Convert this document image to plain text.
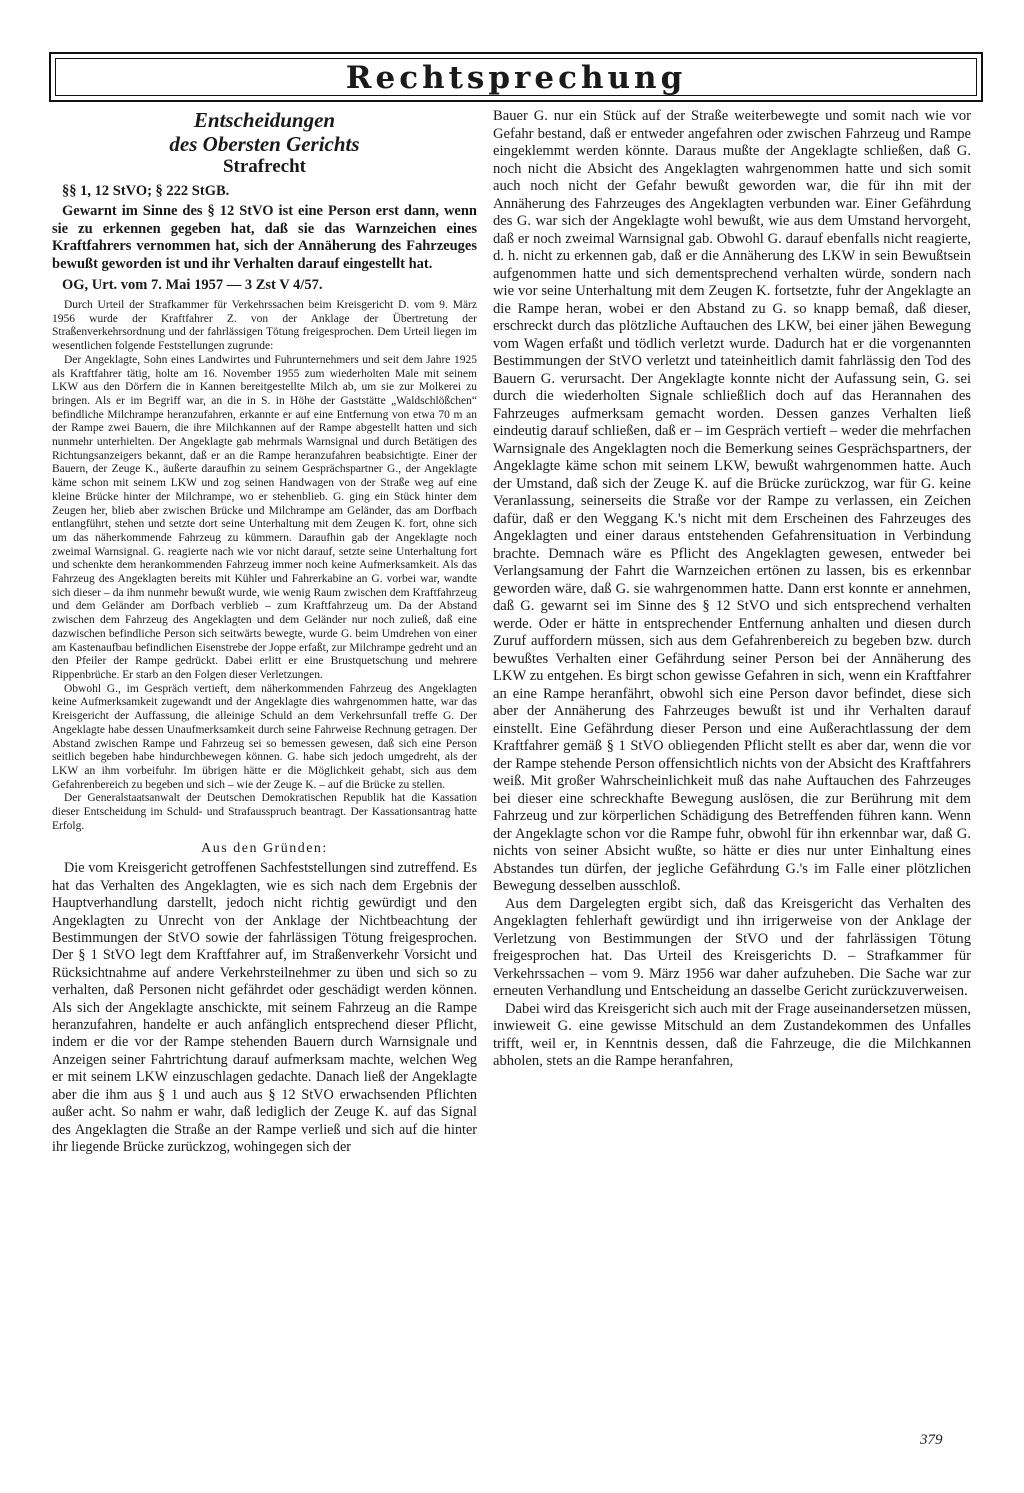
Rechtsprechung

Entscheidungen

des Obersten Gerichts

Strafrecht

§§ 1, 12 StVO; § 222 StGB.

Gewarnt im Sinne des § 12 StVO ist eine Person erst dann, wenn sie zu erkennen gegeben hat, daß sie das Warnzeichen eines Kraftfahrers vernommen hat, sich der Annäherung des Fahrzeuges bewußt geworden ist und ihr Verhalten darauf eingestellt hat.

OG, Urt. vom 7. Mai 1957 — 3 Zst V 4/57.

Durch Urteil der Strafkammer für Verkehrssachen beim Kreisgericht D. vom 9. März 1956 wurde der Kraftfahrer Z. von der Anklage der Übertretung der Straßenverkehrsordnung und der fahrlässigen Tötung freigesprochen. Dem Urteil liegen im wesentlichen folgende Feststellungen zugrunde:

Der Angeklagte, Sohn eines Landwirtes und Fuhrunternehmers und seit dem Jahre 1925 als Kraftfahrer tätig, holte am 16. November 1955 zum wiederholten Male mit seinem LKW aus den Dörfern die in Kannen bereitgestellte Milch ab, um sie zur Molkerei zu bringen. Als er im Begriff war, an die in S. in Höhe der Gaststätte „Waldschlößchen“ befindliche Milchrampe heranzufahren, erkannte er auf eine Entfernung von etwa 70 m an der Rampe zwei Bauern, die ihre Milchkannen auf der Rampe abgestellt hatten und sich nunmehr unterhielten. Der Angeklagte gab mehrmals Warnsignal und durch Betätigen des Richtungsanzeigers bekannt, daß er an die Rampe heranzufahren beabsichtigte. Einer der Bauern, der Zeuge K., äußerte daraufhin zu seinem Gesprächspartner G., der Angeklagte käme schon mit seinem LKW und zog seinen Handwagen von der Straße weg auf eine kleine Brücke hinter der Milchrampe, wo er stehenblieb. G. ging ein Stück hinter dem Zeugen her, blieb aber zwischen Brücke und Milchrampe am Geländer, das am Dorfbach entlangführt, stehen und setzte dort seine Unterhaltung mit dem Zeugen K. fort, ohne sich um das näherkommende Fahrzeug zu kümmern. Daraufhin gab der Angeklagte noch zweimal Warnsignal. G. reagierte nach wie vor nicht darauf, setzte seine Unterhaltung fort und schenkte dem herankommenden Fahrzeug immer noch keine Aufmerksamkeit. Als das Fahrzeug des Angeklagten bereits mit Kühler und Fahrerkabine an G. vorbei war, wandte sich dieser – da ihm nunmehr bewußt wurde, wie wenig Raum zwischen dem Kraftfahrzeug und dem Geländer am Dorfbach verblieb – zum Kraftfahrzeug um. Da der Abstand zwischen dem Fahrzeug des Angeklagten und dem Geländer nur noch zuließ, daß eine dazwischen befindliche Person sich seitwärts bewegte, wurde G. beim Umdrehen von einer am Kastenaufbau befindlichen Eisenstrebe der Joppe erfaßt, zur Milchrampe gedreht und an den Pfeiler der Rampe gedrückt. Dabei erlitt er eine Brustquetschung und mehrere Rippenbrüche. Er starb an den Folgen dieser Verletzungen.

Obwohl G., im Gespräch vertieft, dem näherkommenden Fahrzeug des Angeklagten keine Aufmerksamkeit zugewandt und der Angeklagte dies wahrgenommen hatte, war das Kreisgericht der Auffassung, die alleinige Schuld an dem Verkehrsunfall treffe G. Der Angeklagte habe dessen Unaufmerksamkeit durch seine Fahrweise Rechnung getragen. Der Abstand zwischen Rampe und Fahrzeug sei so bemessen gewesen, daß sich eine Person seitlich begeben habe hindurchbewegen können. G. habe sich jedoch umgedreht, als der LKW an ihm vorbeifuhr. Im übrigen hätte er die Möglichkeit gehabt, sich aus dem Gefahrenbereich zu begeben und sich – wie der Zeuge K. – auf die Brücke zu stellen.

Der Generalstaatsanwalt der Deutschen Demokratischen Republik hat die Kassation dieser Entscheidung im Schuld- und Strafausspruch beantragt. Der Kassationsantrag hatte Erfolg.

Aus den Gründen:

Die vom Kreisgericht getroffenen Sachfeststellungen sind zutreffend. Es hat das Verhalten des Angeklagten, wie es sich nach dem Ergebnis der Hauptverhandlung darstellt, jedoch nicht richtig gewürdigt und den Angeklagten zu Unrecht von der Anklage der Nichtbeachtung der Bestimmungen der StVO sowie der fahrlässigen Tötung freigesprochen. Der § 1 StVO legt dem Kraftfahrer auf, im Straßenverkehr Vorsicht und Rücksichtnahme auf andere Verkehrsteilnehmer zu üben und sich so zu verhalten, daß Personen nicht gefährdet oder geschädigt werden können. Als sich der Angeklagte anschickte, mit seinem Fahrzeug an die Rampe heranzufahren, handelte er auch anfänglich entsprechend dieser Pflicht, indem er die vor der Rampe stehenden Bauern durch Warnsignale und Anzeigen seiner Fahrtrichtung darauf aufmerksam machte, welchen Weg er mit seinem LKW einzuschlagen gedachte. Danach ließ der Angeklagte aber die ihm aus § 1 und auch aus § 12 StVO erwachsenden Pflichten außer acht. So nahm er wahr, daß lediglich der Zeuge K. auf das Signal des Angeklagten die Straße an der Rampe verließ und sich auf die hinter ihr liegende Brücke zurückzog, wohingegen sich der

Bauer G. nur ein Stück auf der Straße weiterbewegte und somit nach wie vor Gefahr bestand, daß er entweder angefahren oder zwischen Fahrzeug und Rampe eingeklemmt werden könnte. Daraus mußte der Angeklagte schließen, daß G. noch nicht die Absicht des Angeklagten wahrgenommen hatte und sich somit auch noch nicht der Gefahr bewußt geworden war, die für ihn mit der Annäherung des Fahrzeuges des Angeklagten verbunden war. Einer Gefährdung des G. war sich der Angeklagte wohl bewußt, wie aus dem Umstand hervorgeht, daß er noch zweimal Warnsignal gab. Obwohl G. darauf ebenfalls nicht reagierte, d. h. nicht zu erkennen gab, daß er die Annäherung des LKW in sein Bewußtsein aufgenommen hatte und sich dementsprechend verhalten würde, sondern nach wie vor seine Unterhaltung mit dem Zeugen K. fortsetzte, fuhr der Angeklagte an die Rampe heran, wobei er den Abstand zu G. so knapp bemaß, daß dieser, erschreckt durch das plötzliche Auftauchen des LKW, bei einer jähen Bewegung vom Wagen erfaßt und tödlich verletzt wurde. Dadurch hat er die vorgenannten Bestimmungen der StVO verletzt und tateinheitlich damit fahrlässig den Tod des Bauern G. verursacht. Der Angeklagte konnte nicht der Aufassung sein, G. sei durch die wiederholten Signale schließlich doch auf das Herannahen des Fahrzeuges aufmerksam gemacht worden. Dessen ganzes Verhalten ließ eindeutig darauf schließen, daß er – im Gespräch vertieft – weder die mehrfachen Warnsignale des Angeklagten noch die Bemerkung seines Gesprächspartners, der Angeklagte käme schon mit seinem LKW, bewußt wahrgenommen hatte. Auch der Umstand, daß sich der Zeuge K. auf die Brücke zurückzog, war für G. keine Veranlassung, seinerseits die Straße vor der Rampe zu verlassen, ein Zeichen dafür, daß er den Weggang K.'s nicht mit dem Erscheinen des Fahrzeuges des Angeklagten und einer daraus entstehenden Gefahrensituation in Verbindung brachte. Demnach wäre es Pflicht des Angeklagten gewesen, entweder bei Verlangsamung der Fahrt die Warnzeichen ertönen zu lassen, bis es erkennbar geworden wäre, daß G. sie wahrgenommen hatte. Dann erst konnte er annehmen, daß G. gewarnt sei im Sinne des § 12 StVO und sich entsprechend verhalten werde. Oder er hätte in entsprechender Entfernung anhalten und diesen durch Zuruf auffordern müssen, sich aus dem Gefahrenbereich zu begeben bzw. durch bewußtes Verhalten einer Gefährdung seiner Person bei der Annäherung des LKW zu entgehen. Es birgt schon gewisse Gefahren in sich, wenn ein Kraftfahrer an eine Rampe heranfährt, obwohl sich eine Person davor befindet, diese sich aber der Annäherung des Fahrzeuges bewußt ist und ihr Verhalten darauf einstellt. Eine Gefährdung dieser Person und eine Außerachtlassung der dem Kraftfahrer gemäß § 1 StVO obliegenden Pflicht stellt es aber dar, wenn die vor der Rampe stehende Person offensichtlich nichts von der Absicht des Kraftfahrers weiß. Mit großer Wahrscheinlichkeit muß das nahe Auftauchen des Fahrzeuges bei dieser eine schreckhafte Bewegung auslösen, die zur Berührung mit dem Fahrzeug und zur körperlichen Schädigung des Betreffenden führen kann. Wenn der Angeklagte schon vor die Rampe fuhr, obwohl für ihn erkennbar war, daß G. nichts von seiner Absicht wußte, so hätte er dies nur unter Einhaltung eines Abstandes tun dürfen, der jegliche Gefährdung G.'s im Falle einer plötzlichen Bewegung desselben ausschloß.

Aus dem Dargelegten ergibt sich, daß das Kreisgericht das Verhalten des Angeklagten fehlerhaft gewürdigt und ihn irrigerweise von der Anklage der Verletzung von Bestimmungen der StVO und der fahrlässigen Tötung freigesprochen hat. Das Urteil des Kreisgerichts D. – Strafkammer für Verkehrssachen – vom 9. März 1956 war daher aufzuheben. Die Sache war zur erneuten Verhandlung und Entscheidung an dasselbe Gericht zurückzuverweisen.

Dabei wird das Kreisgericht sich auch mit der Frage auseinandersetzen müssen, inwieweit G. eine gewisse Mitschuld an dem Zustandekommen des Unfalles trifft, weil er, in Kenntnis dessen, daß die Fahrzeuge, die die Milchkannen abholen, stets an die Rampe heranfahren,

379
